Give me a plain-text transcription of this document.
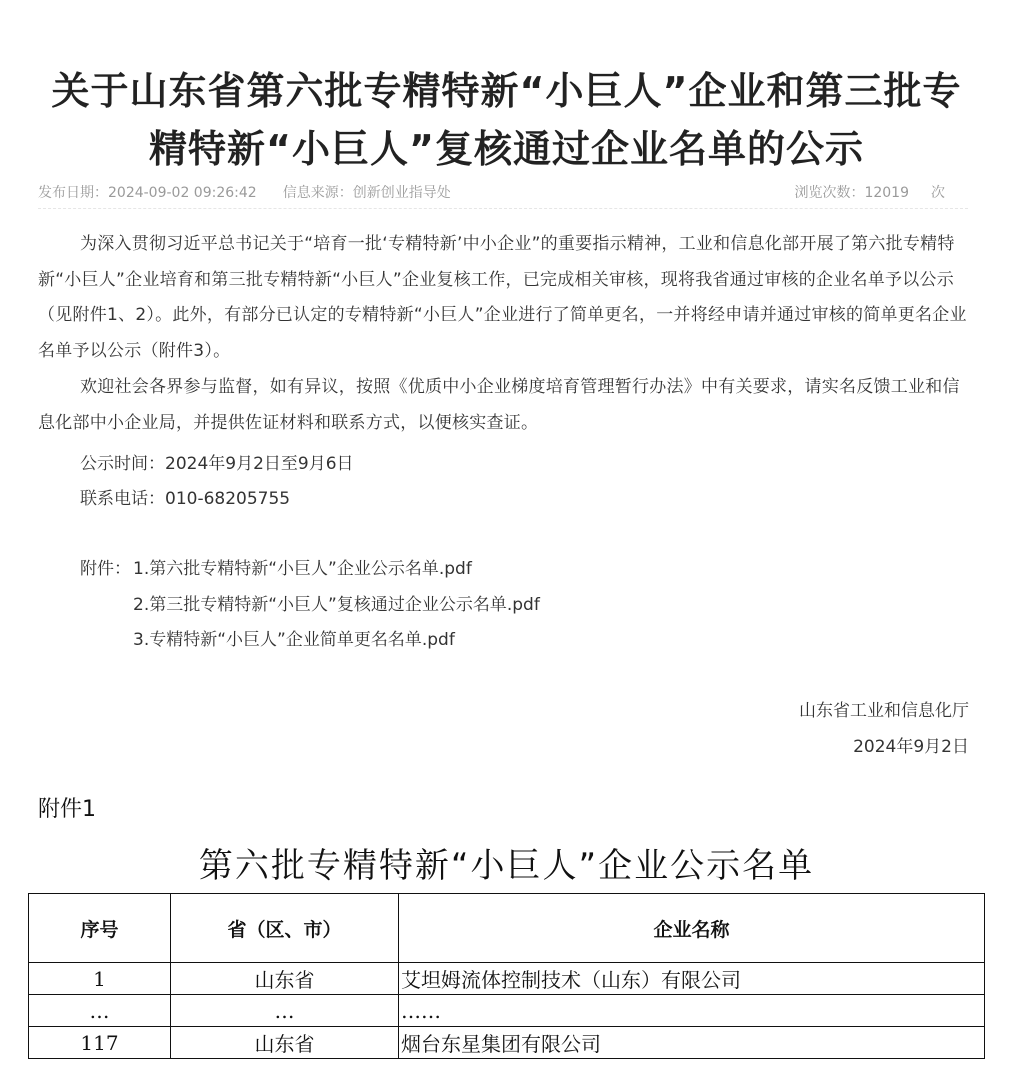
关于山东省第六批专精特新“小巨人”企业和第三批专
精特新“小巨人”复核通过企业名单的公示
发布日期：2024-09-02 09:26:42 信息来源：创新创业指导处	浏览次数：12019 次
为深入贯彻习近平总书记关于“培育一批‘专精特新’中小企业”的重要指示精神，工业和信息化部开展了第六批专精特新“小巨人”企业培育和第三批专精特新“小巨人”企业复核工作，已完成相关审核，现将我省通过审核的企业名单予以公示（见附件1、2）。此外，有部分已认定的专精特新“小巨人”企业进行了简单更名，一并将经申请并通过审核的简单更名企业名单予以公示（附件3）。
欢迎社会各界参与监督，如有异议，按照《优质中小企业梯度培育管理暂行办法》中有关要求，请实名反馈工业和信息化部中小企业局，并提供佐证材料和联系方式，以便核实查证。
公示时间：2024年9月2日至9月6日
联系电话：010-68205755
附件： 1.第六批专精特新“小巨人”企业公示名单.pdf
2.第三批专精特新“小巨人”复核通过企业公示名单.pdf
3.专精特新“小巨人”企业简单更名名单.pdf
山东省工业和信息化厅
2024年9月2日
附件1
第六批专精特新“小巨人”企业公示名单
序号	省（区、市）	企业名称
1	山东省	艾坦姆流体控制技术（山东）有限公司
…	…	……
117	山东省	烟台东星集团有限公司
